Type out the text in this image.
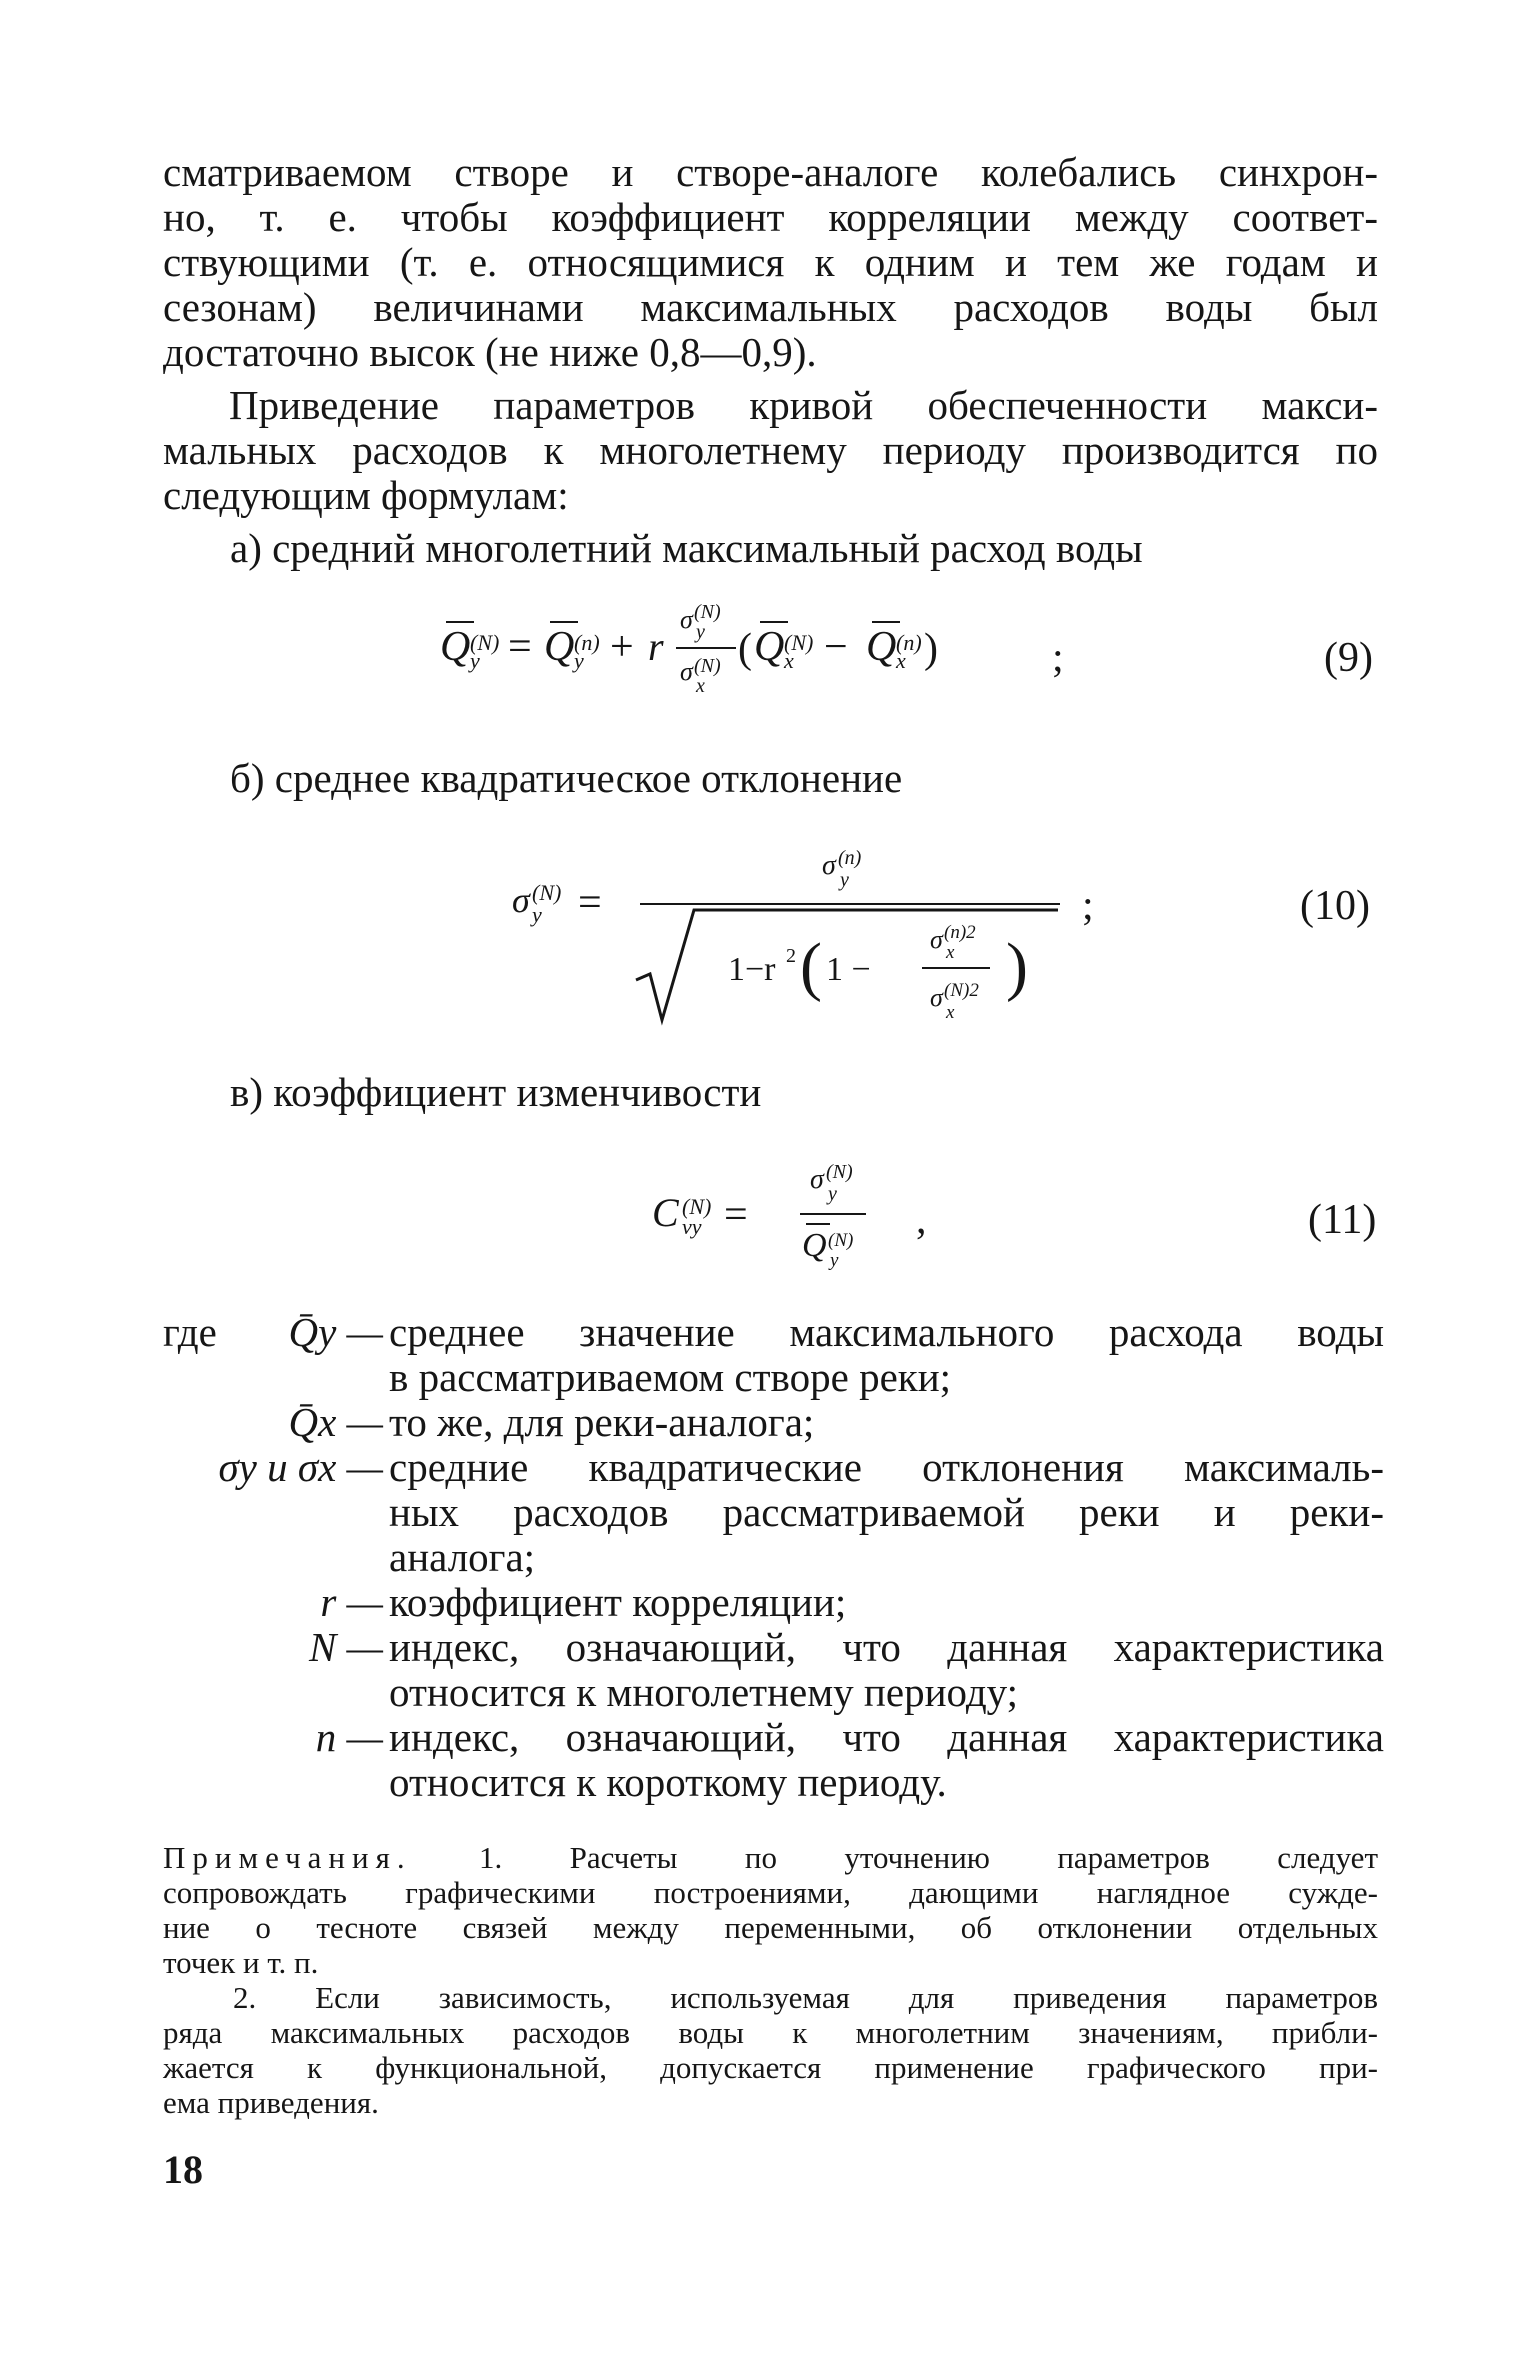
сматриваемом створе и створе-аналоге колебались синхрон-
но, т. е. чтобы коэффициент корреляции между соответ-
ствующими (т. е. относящимися к одним и тем же годам и
сезонам) величинами максимальных расходов воды был
достаточно высок (не ниже 0,8—0,9).
Приведение параметров кривой обеспеченности макси-
мальных расходов к многолетнему периоду производится по
следующим формулам:
а) средний многолетний максимальный расход воды
Q (N)
y = Q (n)
y + r
σ (N)
y
σ (N)
x
( Q (N)
x − Q (n)
x )	;	(9)
б) среднее квадратическое отклонение
σ (N)
y =
σ (n)
y
1−r 2 ( 1 −
σ (n)2
x
σ (N)2
x
)
;	(10)
в) коэффициент изменчивости
C (N)
vy =
σ (N)
y
Q (N)
y
,	(11)
где	Q̄y — среднее значение максимального расхода воды
в рассматриваемом створе реки;
Q̄x — то же, для реки-аналога;
σy и σx — средние квадратические отклонения максималь-
ных расходов рассматриваемой реки и реки-
аналога;
r — коэффициент корреляции;
N — индекс, означающий, что данная характеристика
относится к многолетнему периоду;
n — индекс, означающий, что данная характеристика
относится к короткому периоду.
Примечания. 1. Расчеты по уточнению параметров следует
сопровождать графическими построениями, дающими наглядное сужде-
ние о тесноте связей между переменными, об отклонении отдельных
точек и т. п.
2. Если зависимость, используемая для приведения параметров
ряда максимальных расходов воды к многолетним значениям, прибли-
жается к функциональной, допускается применение графического при-
ема приведения.
18
